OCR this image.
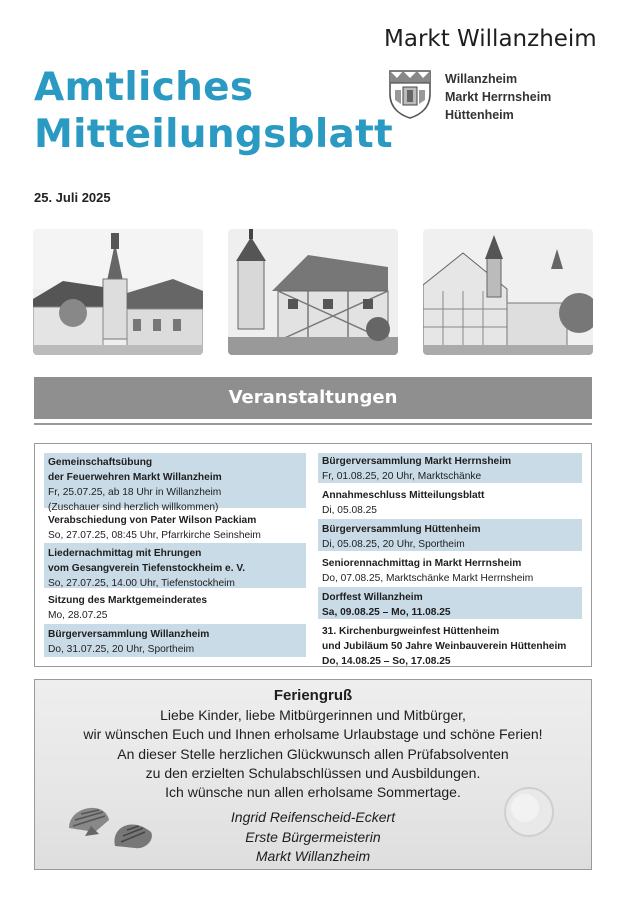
Amtliches
Mitteilungsblatt
Markt Willanzheim
Willanzheim
Markt Herrnsheim
Hüttenheim
25. Juli 2025
Veranstaltungen
Gemeinschaftsübung
der Feuerwehren Markt Willanzheim
Fr, 25.07.25, ab 18 Uhr in Willanzheim
(Zuschauer sind herzlich willkommen)
Verabschiedung von Pater Wilson Packiam
So, 27.07.25, 08:45 Uhr, Pfarrkirche Seinsheim
Liedernachmittag mit Ehrungen
vom Gesangverein Tiefenstockheim e. V.
So, 27.07.25, 14.00 Uhr, Tiefenstockheim
Sitzung des Marktgemeinderates
Mo, 28.07.25
Bürgerversammlung Willanzheim
Do, 31.07.25, 20 Uhr, Sportheim
Bürgerversammlung Markt Herrnsheim
Fr, 01.08.25, 20 Uhr, Marktschänke
Annahmeschluss Mitteilungsblatt
Di, 05.08.25
Bürgerversammlung Hüttenheim
Di, 05.08.25, 20 Uhr, Sportheim
Seniorennachmittag in Markt Herrnsheim
Do, 07.08.25, Marktschänke Markt Herrnsheim
Dorffest Willanzheim
Sa, 09.08.25 – Mo, 11.08.25
31. Kirchenburgweinfest Hüttenheim
und Jubiläum 50 Jahre Weinbauverein Hüttenheim
Do, 14.08.25 – So, 17.08.25
Feriengruß
Liebe Kinder, liebe Mitbürgerinnen und Mitbürger,
wir wünschen Euch und Ihnen erholsame Urlaubstage und schöne Ferien!
An dieser Stelle herzlichen Glückwunsch allen Prüfabsolventen
zu den erzielten Schulabschlüssen und Ausbildungen.
Ich wünsche nun allen erholsame Sommertage.
Ingrid Reifenscheid-Eckert
Erste Bürgermeisterin
Markt Willanzheim
